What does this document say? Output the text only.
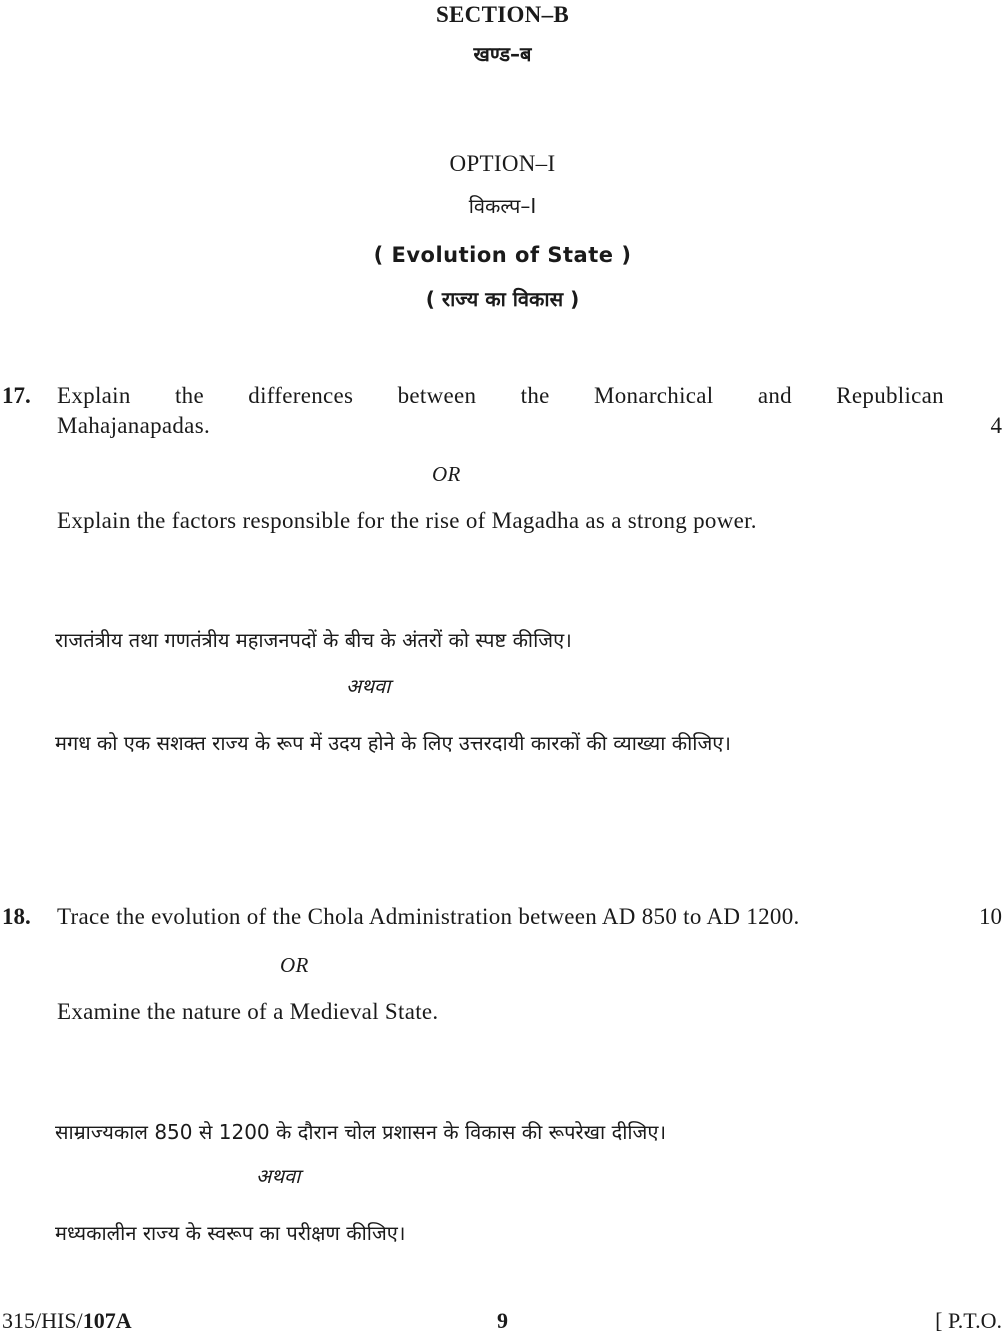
SECTION–B
खण्ड–ब
OPTION–I
विकल्प–I
( Evolution of State )
( राज्य का विकास )
17. Explain the differences between the Monarchical and Republican
Mahajanapadas.	4
OR
Explain the factors responsible for the rise of Magadha as a strong power.
राजतंत्रीय तथा गणतंत्रीय महाजनपदों के बीच के अंतरों को स्पष्ट कीजिए।
अथवा
मगध को एक सशक्त राज्य के रूप में उदय होने के लिए उत्तरदायी कारकों की व्याख्या कीजिए।
18. Trace the evolution of the Chola Administration between AD 850 to AD 1200.	10
OR
Examine the nature of a Medieval State.
साम्राज्यकाल 850 से 1200 के दौरान चोल प्रशासन के विकास की रूपरेखा दीजिए।
अथवा
मध्यकालीन राज्य के स्वरूप का परीक्षण कीजिए।
315/HIS/107A	9	[ P.T.O.
